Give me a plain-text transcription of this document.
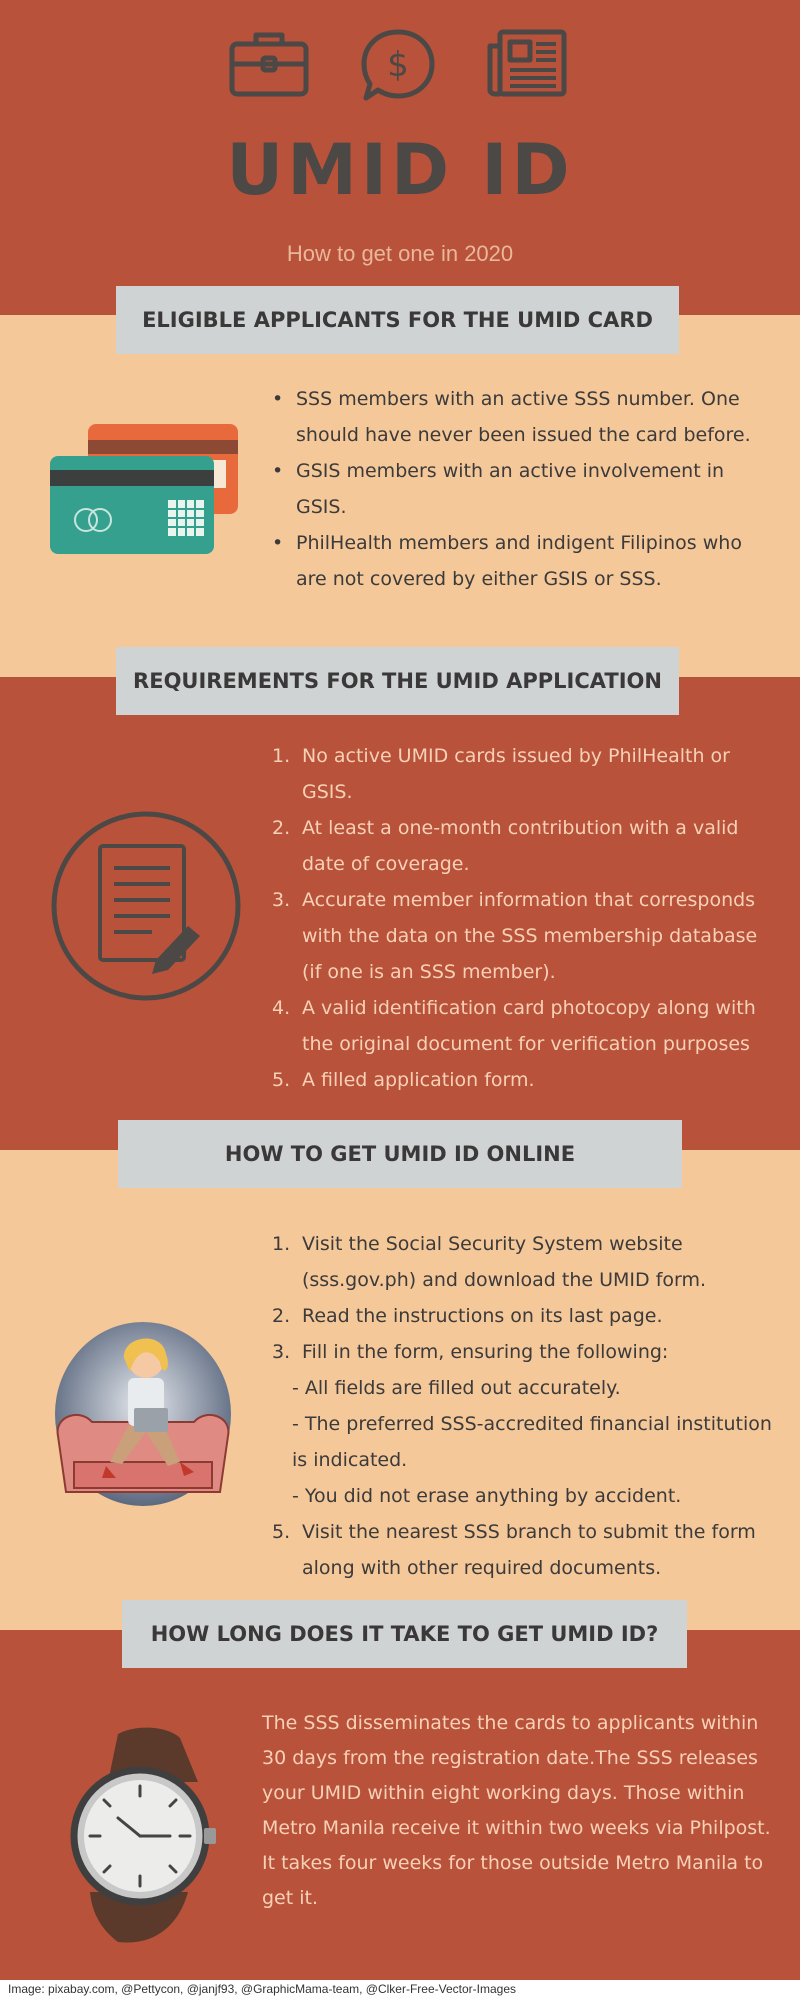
$
UMID ID
How to get one in 2020
ELIGIBLE APPLICANTS FOR THE UMID CARD
• SSS members with an active SSS number. One should have never been issued the card before.
• GSIS members with an active involvement in GSIS.
• PhilHealth members and indigent Filipinos who are not covered by either GSIS or SSS.
REQUIREMENTS FOR THE UMID APPLICATION
1. No active UMID cards issued by PhilHealth or GSIS.
2. At least a one-month contribution with a valid date of coverage.
3. Accurate member information that corresponds with the data on the SSS membership database (if one is an SSS member).
4. A valid identification card photocopy along with the original document for verification purposes
5. A filled application form.
HOW TO GET UMID ID ONLINE
1. Visit the Social Security System website (sss.gov.ph) and download the UMID form.
2. Read the instructions on its last page.
3. Fill in the form, ensuring the following:
- All fields are filled out accurately.
- The preferred SSS-accredited financial institution is indicated.
- You did not erase anything by accident.
5. Visit the nearest SSS branch to submit the form along with other required documents.
HOW LONG DOES IT TAKE TO GET UMID ID?

The SSS disseminates the cards to applicants within 30 days from the registration date.The SSS releases your UMID within eight working days. Those within Metro Manila receive it within two weeks via Philpost. It takes four weeks for those outside Metro Manila to get it.

Image: pixabay.com, @Pettycon, @janjf93, @GraphicMama-team, @Clker-Free-Vector-Images
